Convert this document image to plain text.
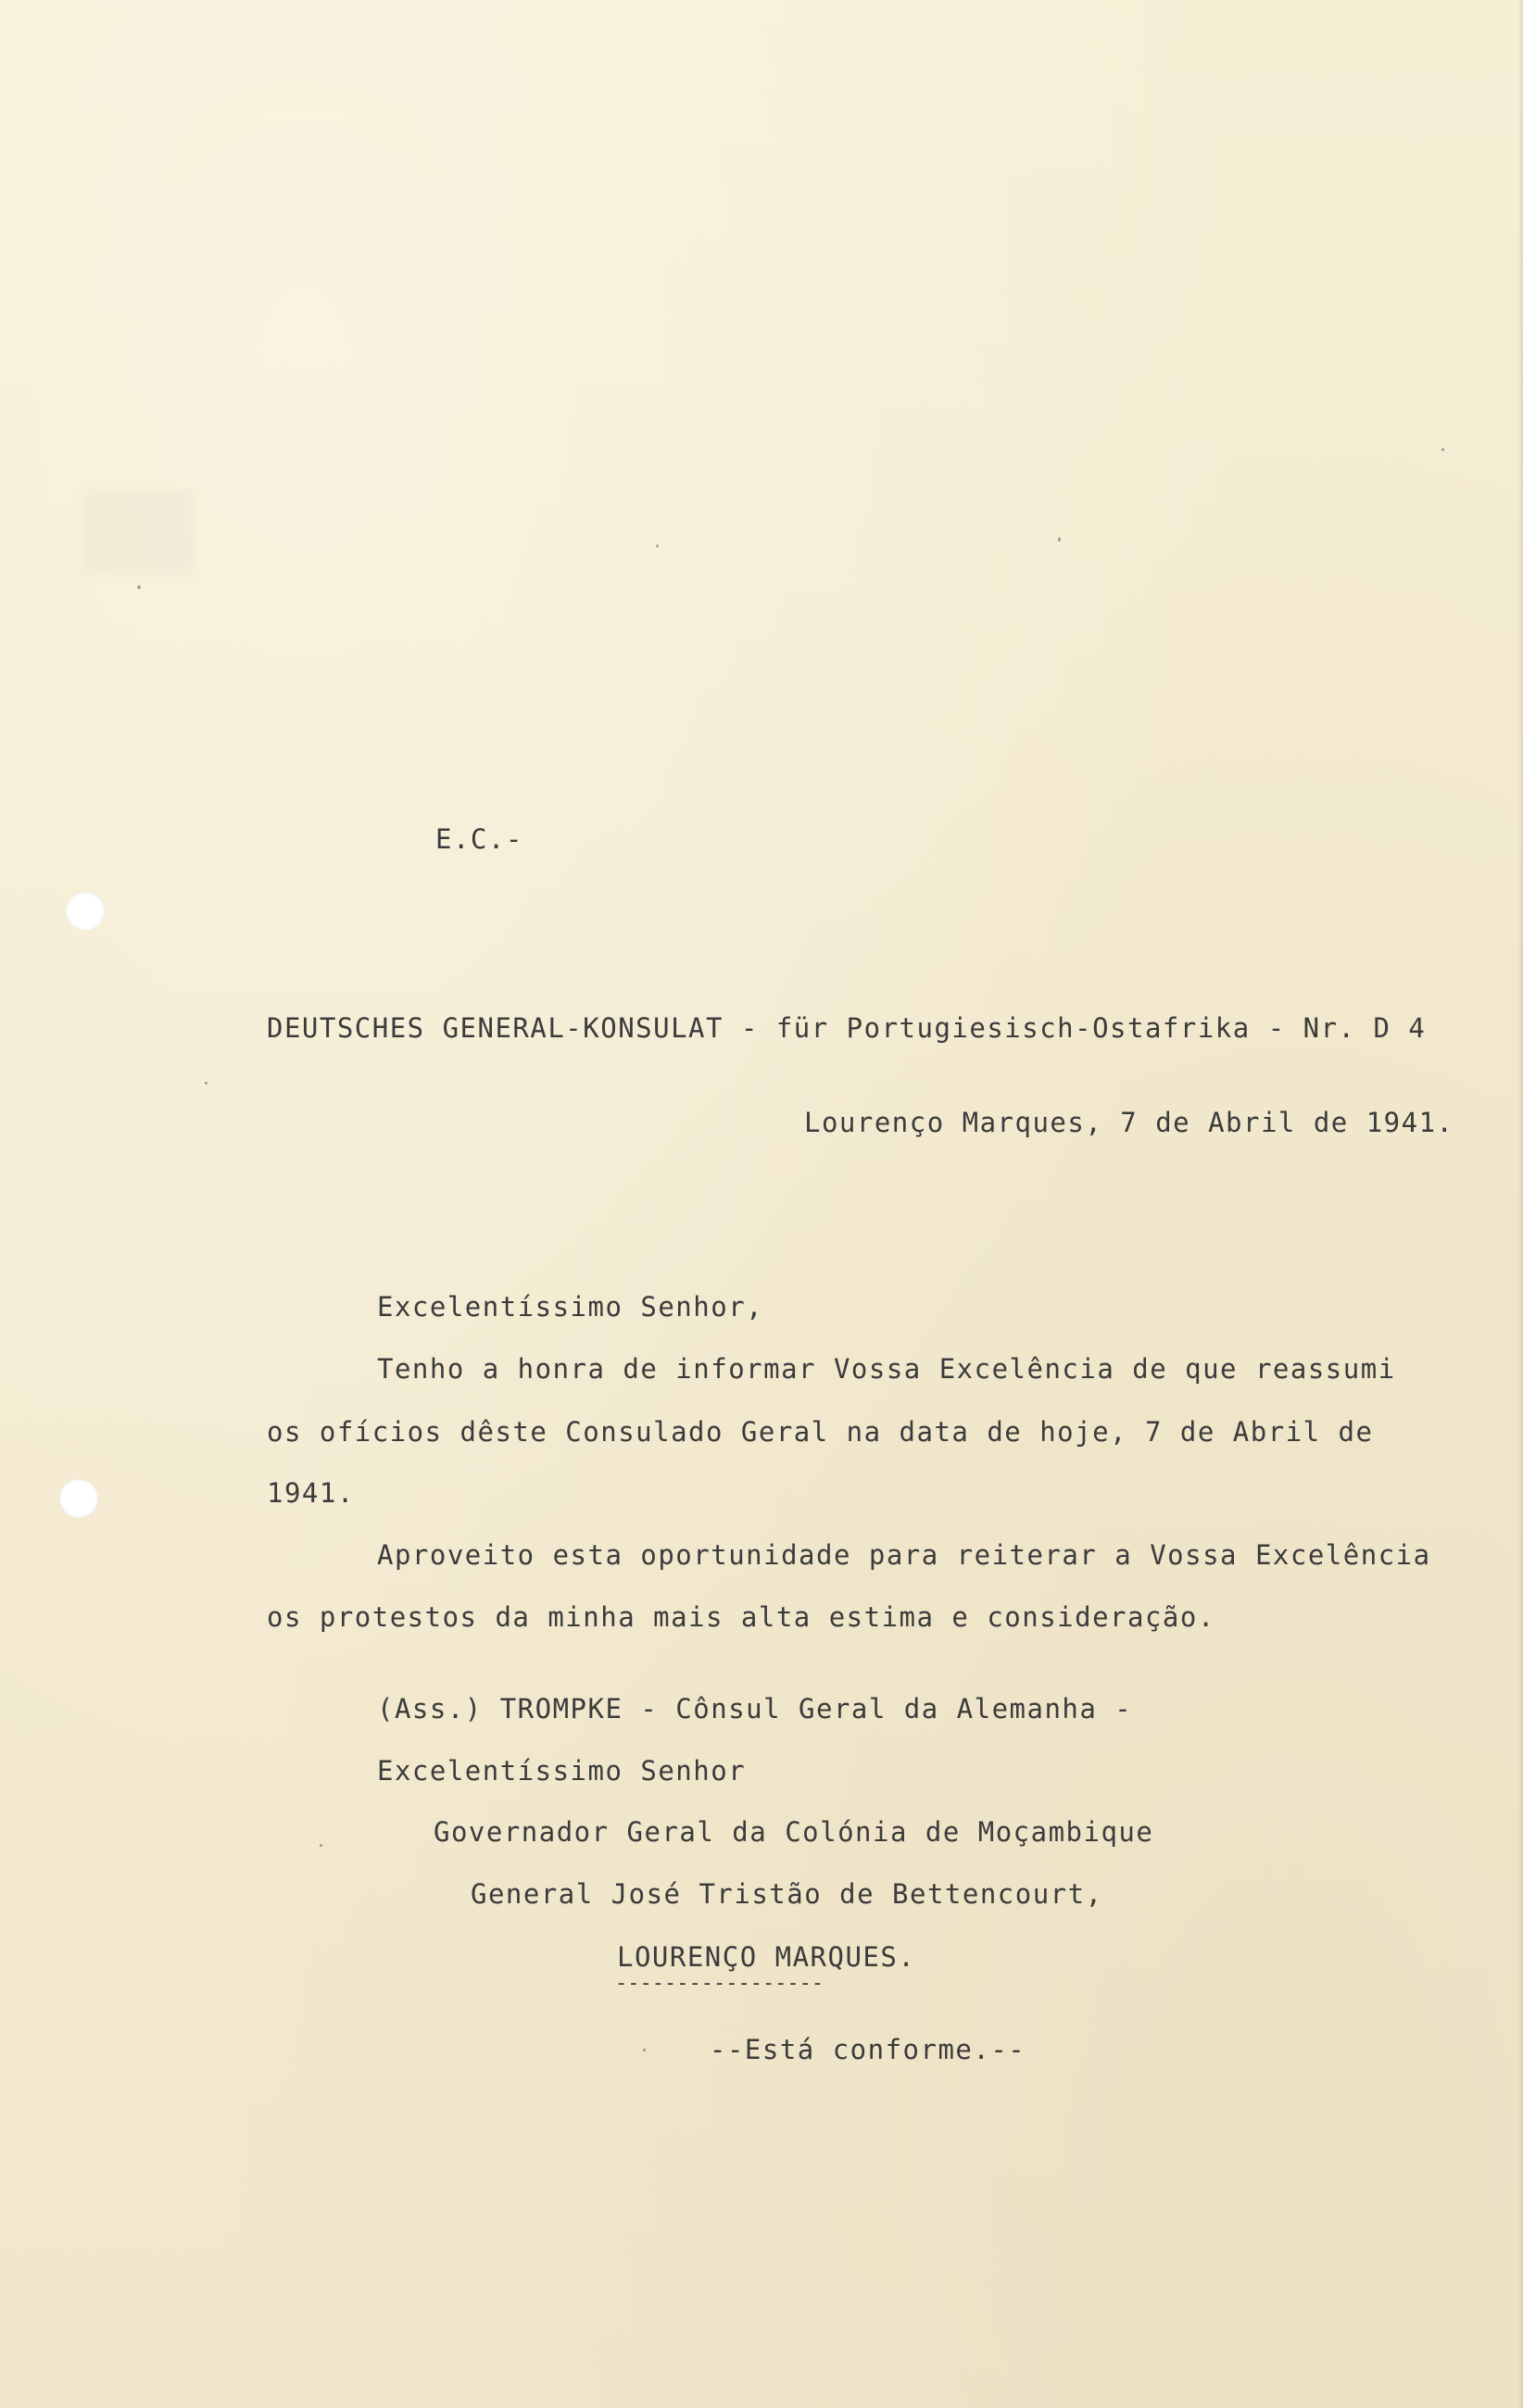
E.C.-
DEUTSCHES GENERAL-KONSULAT - für Portugiesisch-Ostafrika - Nr. D 4
Lourenço Marques, 7 de Abril de 1941.
Excelentíssimo Senhor,
Tenho a honra de informar Vossa Excelência de que reassumi
os ofícios dêste Consulado Geral na data de hoje, 7 de Abril de
1941.
Aproveito esta oportunidade para reiterar a Vossa Excelência
os protestos da minha mais alta estima e consideração.
(Ass.) TROMPKE - Cônsul Geral da Alemanha -
Excelentíssimo Senhor
Governador Geral da Colónia de Moçambique
General José Tristão de Bettencourt,
LOURENÇO MARQUES.
-----------------
--Está conforme.--
